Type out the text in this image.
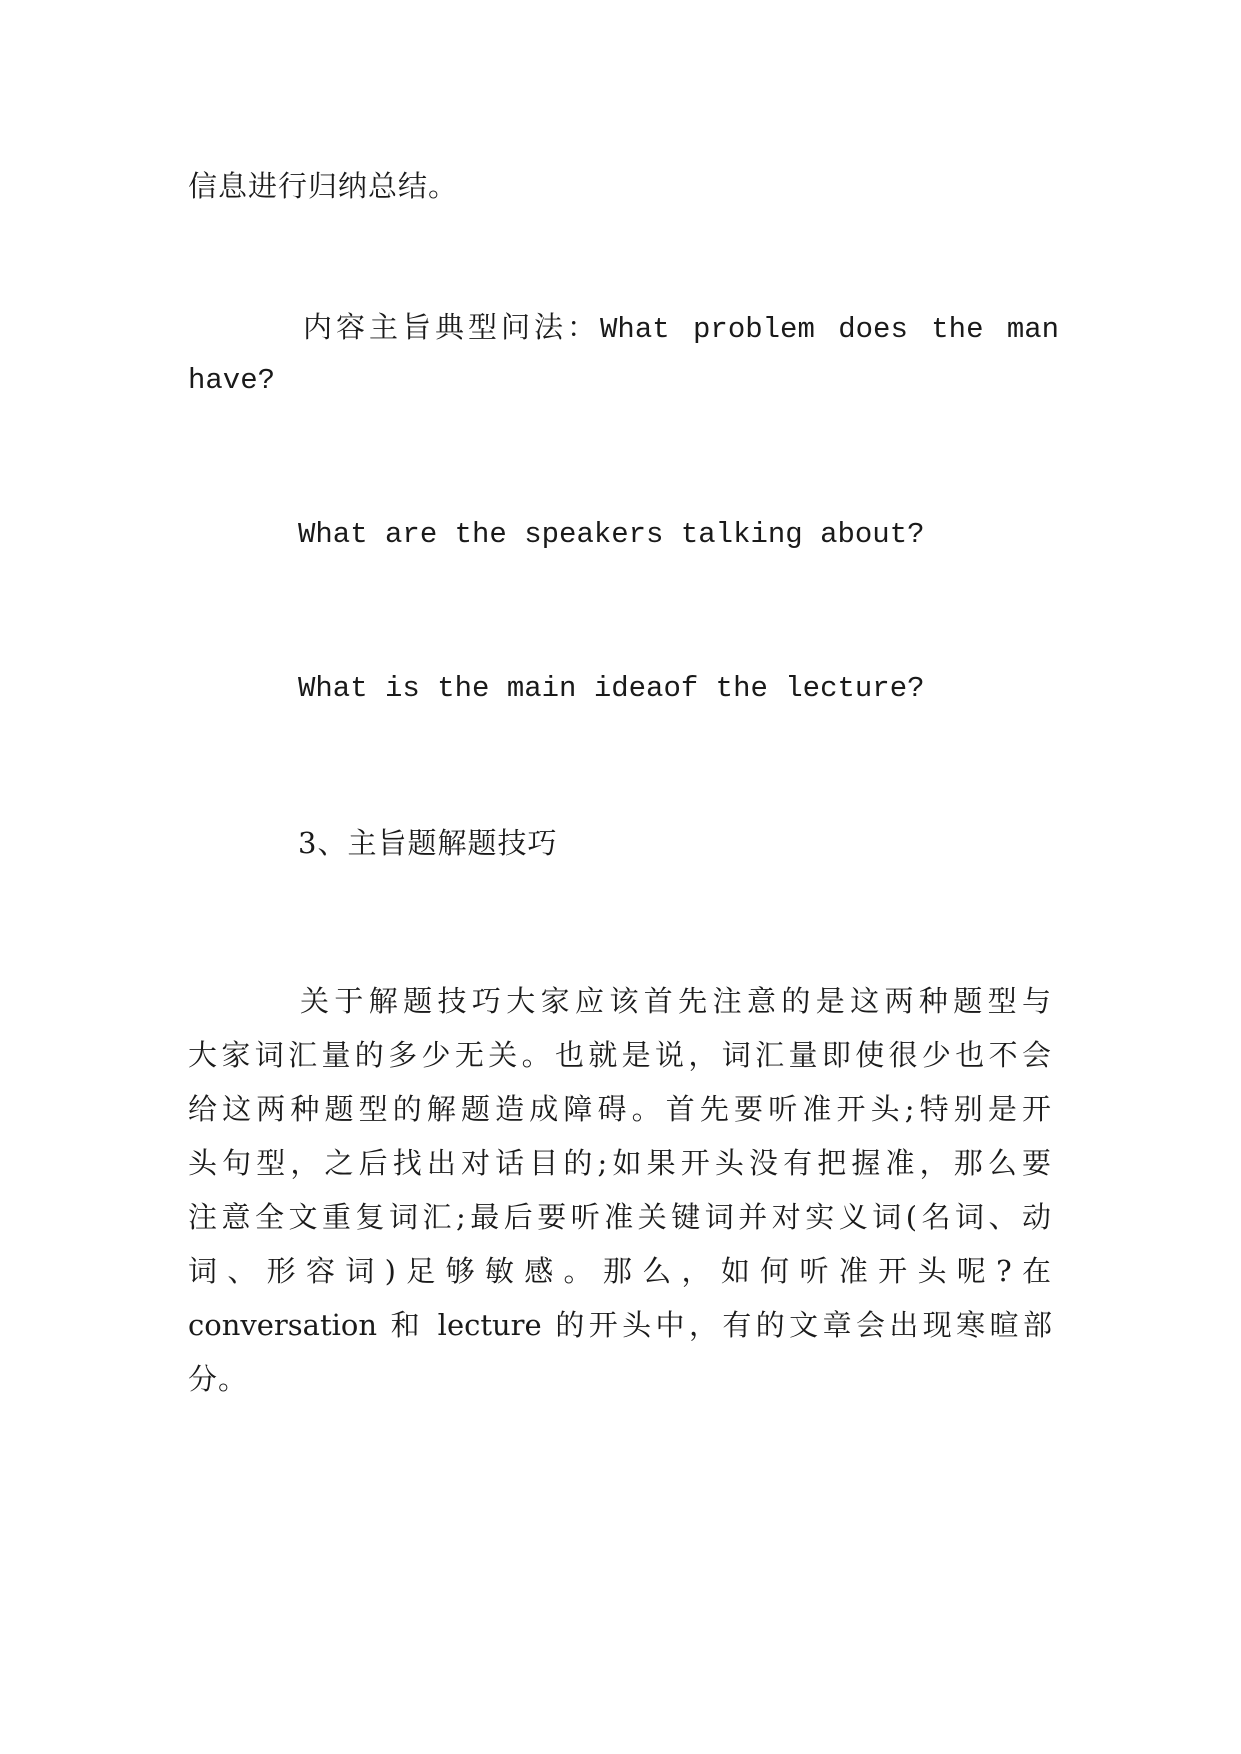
信息进行归纳总结。
内容主旨典型问法： What problem does the man
have?
What are the speakers talking about?
What is the main ideaof the lecture?
3、主旨题解题技巧
关于解题技巧大家应该首先注意的是这两种题型与
大家词汇量的多少无关。也就是说，词汇量即使很少也不会
给这两种题型的解题造成障碍。首先要听准开头;特别是开
头句型，之后找出对话目的;如果开头没有把握准，那么要
注意全文重复词汇;最后要听准关键词并对实义词(名词、动
词、形容词)足够敏感。那么，如何听准开头呢?在
conversation 和 lecture 的开头中，有的文章会出现寒暄部
分。
